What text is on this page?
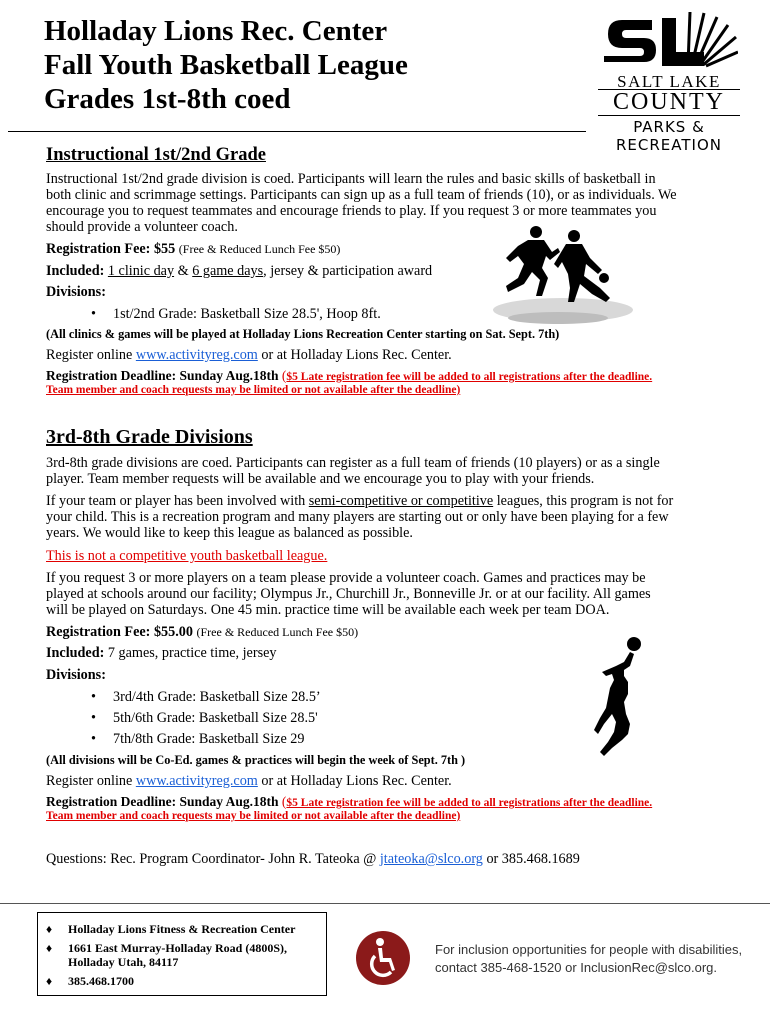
Holladay Lions Rec. Center
Fall Youth Basketball League
Grades 1st-8th coed
SALT LAKE
COUNTY
PARKS &
RECREATION
Instructional 1st/2nd Grade
Instructional 1st/2nd grade division is coed. Participants will learn the rules and basic skills of basketball in
both clinic and scrimmage settings. Participants can sign up as a full team of friends (10), or as individuals. We
encourage you to request teammates and encourage friends to play. If you request 3 or more teammates you
should provide a volunteer coach.
Registration Fee: $55 (Free & Reduced Lunch Fee $50)
Included: 1 clinic day & 6 game days, jersey & participation award
Divisions:
• 1st/2nd Grade: Basketball Size 28.5', Hoop 8ft.
(All clinics & games will be played at Holladay Lions Recreation Center starting on Sat. Sept. 7th)
Register online www.activityreg.com or at Holladay Lions Rec. Center.
Registration Deadline: Sunday Aug.18th ($5 Late registration fee will be added to all registrations after the deadline.
Team member and coach requests may be limited or not available after the deadline)
3rd-8th Grade Divisions
3rd-8th grade divisions are coed. Participants can register as a full team of friends (10 players) or as a single
player. Team member requests will be available and we encourage you to play with your friends.
If your team or player has been involved with semi-competitive or competitive leagues, this program is not for
your child. This is a recreation program and many players are starting out or only have been playing for a few
years. We would like to keep this league as balanced as possible.
This is not a competitive youth basketball league.
If you request 3 or more players on a team please provide a volunteer coach. Games and practices may be
played at schools around our facility; Olympus Jr., Churchill Jr., Bonneville Jr. or at our facility. All games
will be played on Saturdays. One 45 min. practice time will be available each week per team DOA.
Registration Fee: $55.00 (Free & Reduced Lunch Fee $50)
Included: 7 games, practice time, jersey
Divisions:
• 3rd/4th Grade: Basketball Size 28.5’
• 5th/6th Grade: Basketball Size 28.5'
• 7th/8th Grade: Basketball Size 29
(All divisions will be Co-Ed. games & practices will begin the week of Sept. 7th )
Register online www.activityreg.com or at Holladay Lions Rec. Center.
Registration Deadline: Sunday Aug.18th ($5 Late registration fee will be added to all registrations after the deadline.
Team member and coach requests may be limited or not available after the deadline)
Questions: Rec. Program Coordinator- John R. Tateoka @ jtateoka@slco.org or 385.468.1689
♦ Holladay Lions Fitness & Recreation Center
♦ 1661 East Murray-Holladay Road (4800S),
Holladay Utah, 84117
♦ 385.468.1700
For inclusion opportunities for people with disabilities,
contact 385-468-1520 or InclusionRec@slco.org.
